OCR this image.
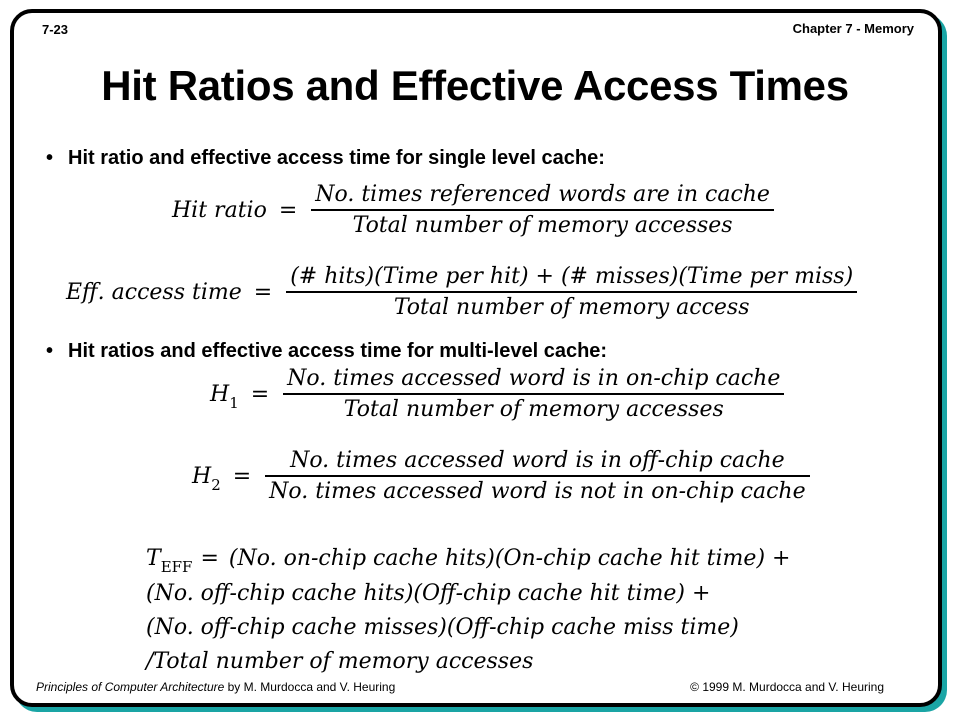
7-23	Chapter 7 - Memory
Hit Ratios and Effective Access Times
• Hit ratio and effective access time for single level cache:
Hit ratio = $\frac{\text{No. times referenced words are in cache}}{\text{Total number of memory accesses}}$
Eff. access time = $\frac{\text{(\# hits)(Time per hit) + (\# misses)(Time per miss)}}{\text{Total number of memory access}}$
• Hit ratios and effective access time for multi-level cache:
$H_1 = \frac{\text{No. times accessed word is in on-chip cache}}{\text{Total number of memory accesses}}$
$H_2 = \frac{\text{No. times accessed word is in off-chip cache}}{\text{No. times accessed word is not in on-chip cache}}$
$T_{EFF} = (No$. on-chip cache hits)(On-chip cache hit time) +
(No. off-chip cache hits)(Off-chip cache hit time) +
(No. off-chip cache misses)(Off-chip cache miss time)
/Total number of memory accesses
Principles of Computer Architecture by M. Murdocca and V. Heuring	© 1999 M. Murdocca and V. Heuring
